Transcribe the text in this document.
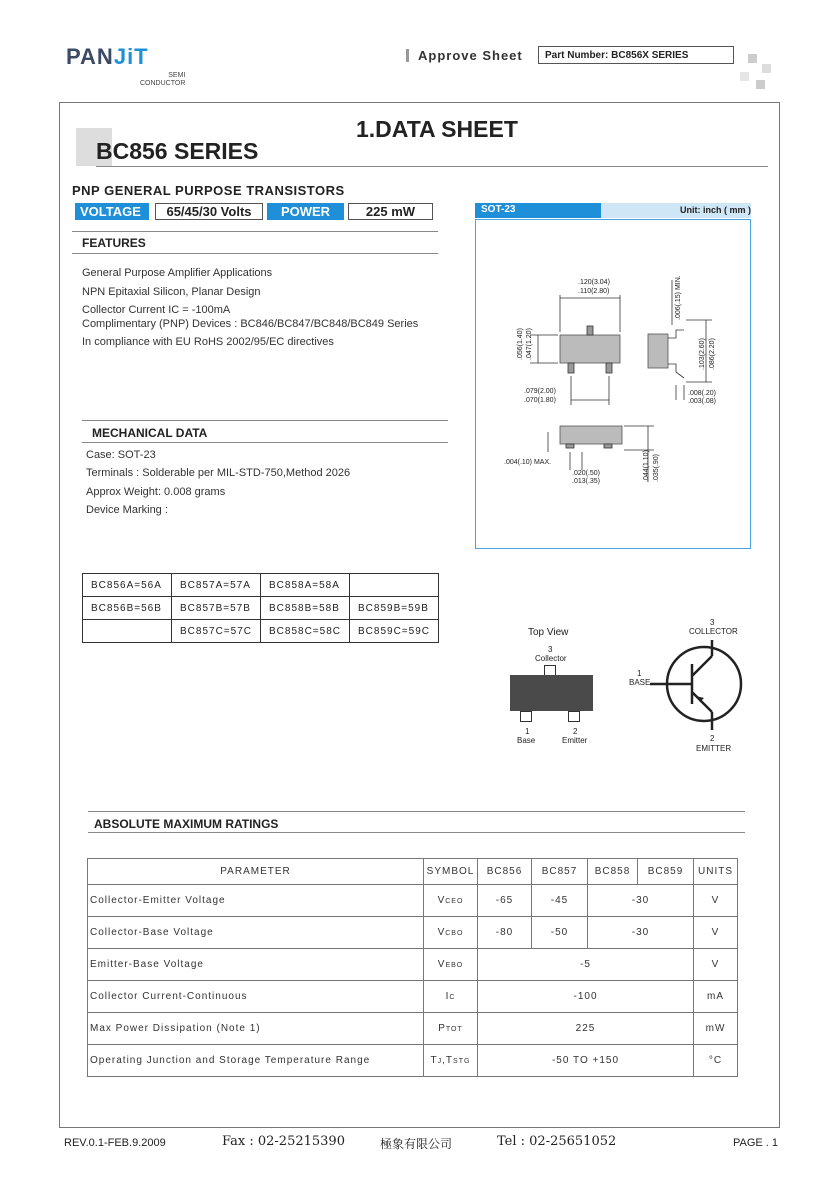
PANJiT
SEMI
CONDUCTOR
Approve Sheet	Part Number: BC856X SERIES
BC856 SERIES
1.DATA SHEET
PNP GENERAL PURPOSE TRANSISTORS
VOLTAGE	65/45/30 Volts	POWER	225 mW
FEATURES
General Purpose Amplifier Applications
NPN Epitaxial Silicon, Planar Design
Collector Current IC = -100mA
Complimentary (PNP) Devices : BC846/BC847/BC848/BC849 Series
In compliance with EU RoHS 2002/95/EC directives
MECHANICAL DATA
Case: SOT-23
Terminals : Solderable per MIL-STD-750,Method 2026
Approx Weight: 0.008 grams
Device Marking :
SOT-23	Unit: inch ( mm )
.120(3.04)
.110(2.80)
.056(1.40) .047(1.20)
.079(2.00)
.070(1.80)
.006(.15) MIN.
.103(2.60) .086(2.20)
.008(.20)
.003(.08)
.004(.10) MAX.
.020(.50)
.013(.35)	.044(1.10) .035(.90)
BC856A=56A	BC857A=57A	BC858A=58A	
BC856B=56B	BC857B=57B	BC858B=58B	BC859B=59B
	BC857C=57C	BC858C=58C	BC859C=59C	Top View
3
Collector
1
Base
2
Emitter
3
COLLECTOR
1
BASE
2
EMITTER
ABSOLUTE MAXIMUM RATINGS
PARAMETER	SYMBOL	BC856	BC857	BC858	BC859	UNITS
Collector-Emitter Voltage	VCEO	-65	-45	-30		V
Collector-Base Voltage	VCBO	-80	-50	-30		V
Emitter-Base Voltage	VEBO	-5				V
Collector Current-Continuous	IC	-100				mA
Max Power Dissipation (Note 1)	PTOT	225				mW
Operating Junction and Storage Temperature Range	TJ,TSTG	-50 TO +150				°C
REV.0.1-FEB.9.2009	Fax : 02-25215390	極象有限公司	Tel : 02-25651052	PAGE . 1
